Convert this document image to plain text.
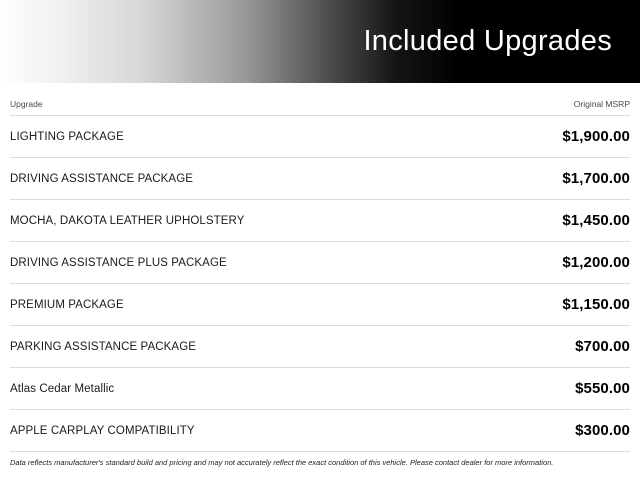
Included Upgrades
Upgrade	Original MSRP
LIGHTING PACKAGE	$1,900.00
DRIVING ASSISTANCE PACKAGE	$1,700.00
MOCHA, DAKOTA LEATHER UPHOLSTERY	$1,450.00
DRIVING ASSISTANCE PLUS PACKAGE	$1,200.00
PREMIUM PACKAGE	$1,150.00
PARKING ASSISTANCE PACKAGE	$700.00
Atlas Cedar Metallic	$550.00
APPLE CARPLAY COMPATIBILITY	$300.00
Data reflects manufacturer's standard build and pricing and may not accurately reflect the exact condition of this vehicle. Please contact dealer for more information.
